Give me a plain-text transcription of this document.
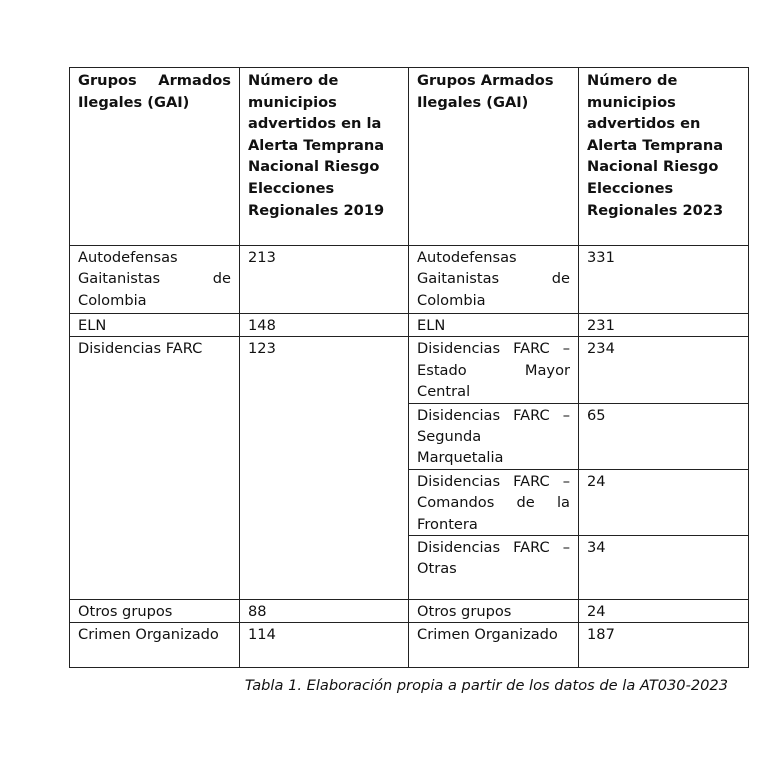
Grupos Armados Ilegales (GAI)	Número de municipios advertidos en la Alerta Temprana Nacional Riesgo Elecciones Regionales 2019	Grupos Armados Ilegales (GAI)	Número de municipios advertidos en Alerta Temprana Nacional Riesgo Elecciones Regionales 2023
Autodefensas Gaitanistas de Colombia	213	Autodefensas Gaitanistas de Colombia	331
ELN	148	ELN	231
Disidencias FARC	123	Disidencias FARC – Estado Mayor Central	234
		Disidencias FARC – Segunda Marquetalia	65
		Disidencias FARC – Comandos de la Frontera	24
		Disidencias FARC – Otras	34
Otros grupos	88	Otros grupos	24
Crimen Organizado	114	Crimen Organizado	187
Tabla 1. Elaboración propia a partir de los datos de la AT030-2023
